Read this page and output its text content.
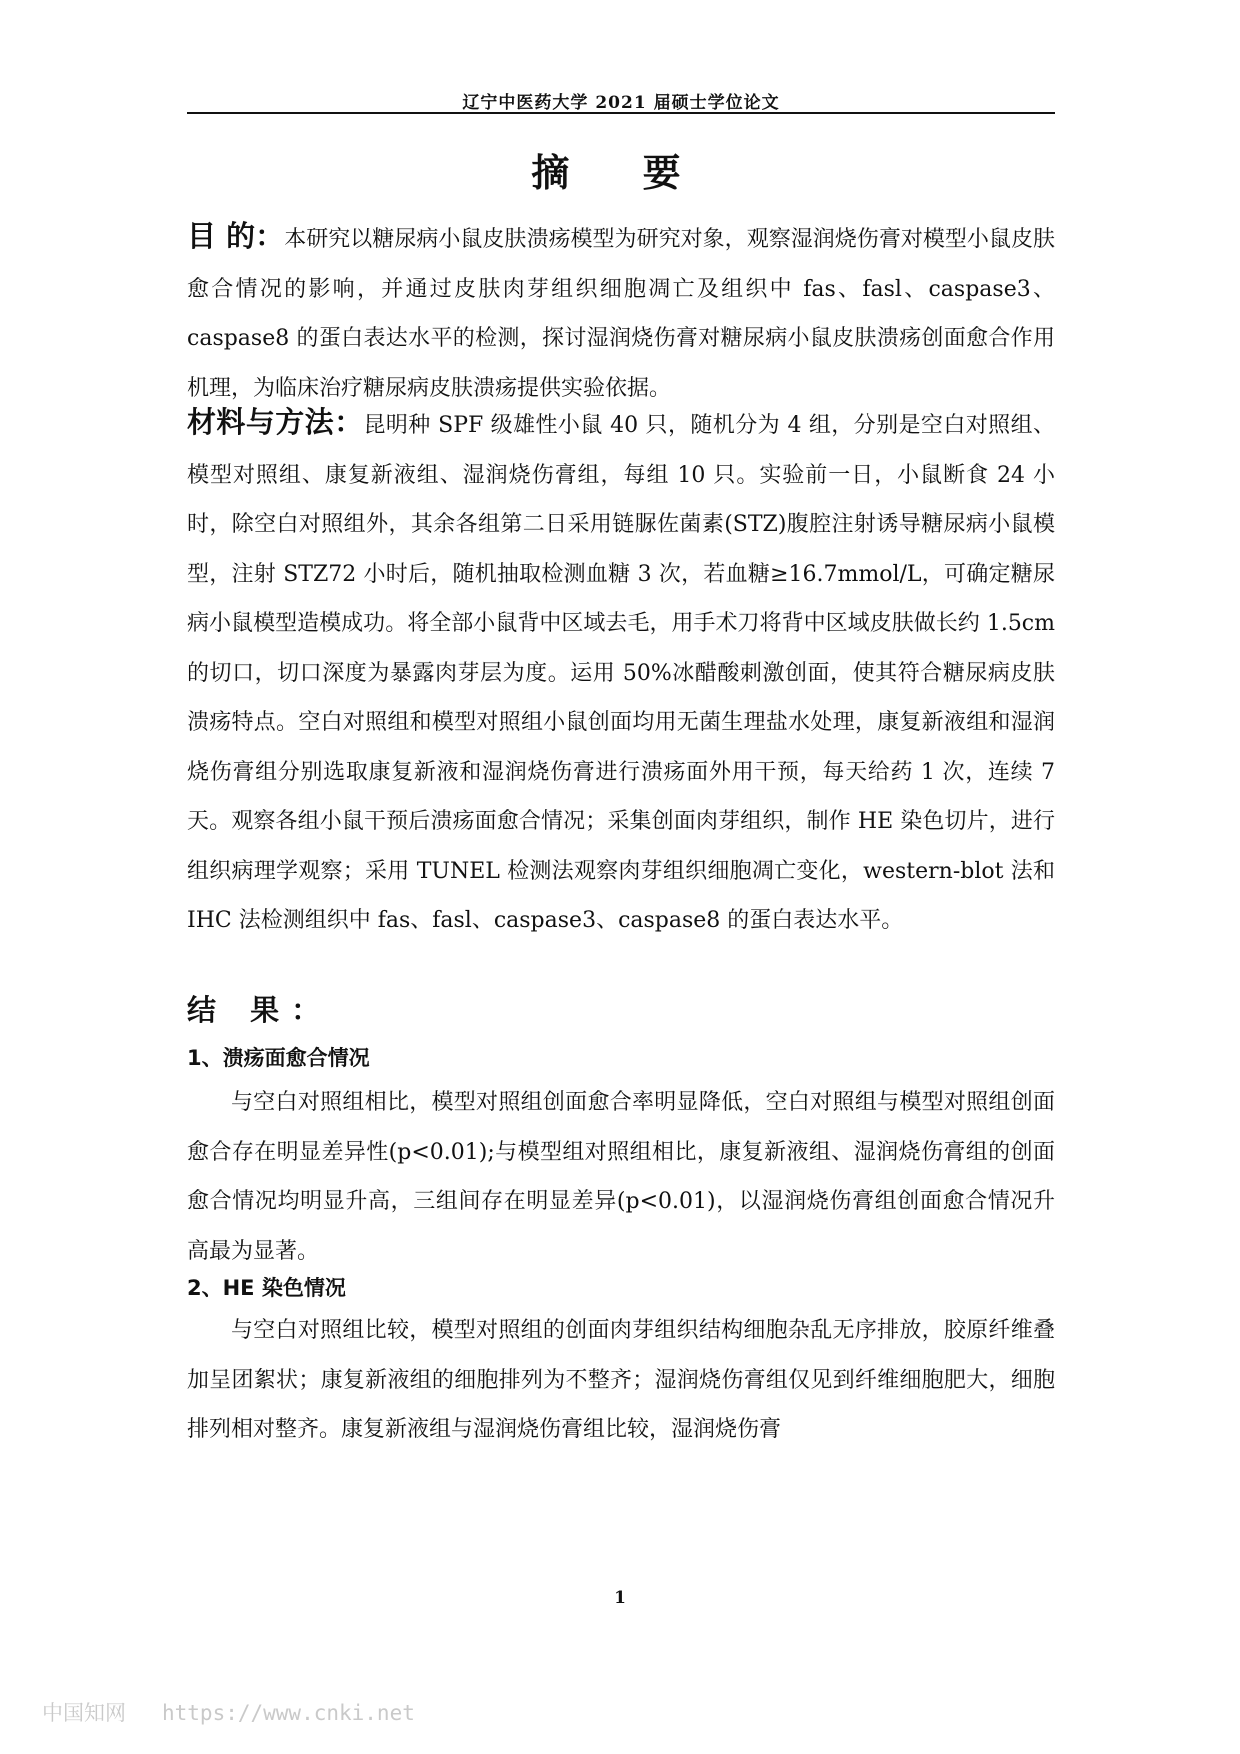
辽宁中医药大学 2021 届硕士学位论文
摘 要
目 的：本研究以糖尿病小鼠皮肤溃疡模型为研究对象，观察湿润烧伤膏对模型小鼠皮肤愈合情况的影响，并通过皮肤肉芽组织细胞凋亡及组织中 fas、fasl、caspase3、caspase8 的蛋白表达水平的检测，探讨湿润烧伤膏对糖尿病小鼠皮肤溃疡创面愈合作用机理，为临床治疗糖尿病皮肤溃疡提供实验依据。
材料与方法：昆明种 SPF 级雄性小鼠 40 只，随机分为 4 组，分别是空白对照组、模型对照组、康复新液组、湿润烧伤膏组，每组 10 只。实验前一日，小鼠断食 24 小时，除空白对照组外，其余各组第二日采用链脲佐菌素(STZ)腹腔注射诱导糖尿病小鼠模型，注射 STZ72 小时后，随机抽取检测血糖 3 次，若血糖≥16.7mmol/L，可确定糖尿病小鼠模型造模成功。将全部小鼠背中区域去毛，用手术刀将背中区域皮肤做长约 1.5cm 的切口，切口深度为暴露肉芽层为度。运用 50%冰醋酸刺激创面，使其符合糖尿病皮肤溃疡特点。空白对照组和模型对照组小鼠创面均用无菌生理盐水处理，康复新液组和湿润烧伤膏组分别选取康复新液和湿润烧伤膏进行溃疡面外用干预，每天给药 1 次，连续 7 天。观察各组小鼠干预后溃疡面愈合情况；采集创面肉芽组织，制作 HE 染色切片，进行组织病理学观察；采用 TUNEL 检测法观察肉芽组织细胞凋亡变化，western-blot 法和 IHC 法检测组织中 fas、fasl、caspase3、caspase8 的蛋白表达水平。
结 果：
1、溃疡面愈合情况
与空白对照组相比，模型对照组创面愈合率明显降低，空白对照组与模型对照组创面愈合存在明显差异性(p<0.01);与模型组对照组相比，康复新液组、湿润烧伤膏组的创面愈合情况均明显升高，三组间存在明显差异(p<0.01)，以湿润烧伤膏组创面愈合情况升高最为显著。
2、HE 染色情况
与空白对照组比较，模型对照组的创面肉芽组织结构细胞杂乱无序排放，胶原纤维叠加呈团絮状；康复新液组的细胞排列为不整齐；湿润烧伤膏组仅见到纤维细胞肥大，细胞排列相对整齐。康复新液组与湿润烧伤膏组比较，湿润烧伤膏
1
中国知网 https://www.cnki.net
